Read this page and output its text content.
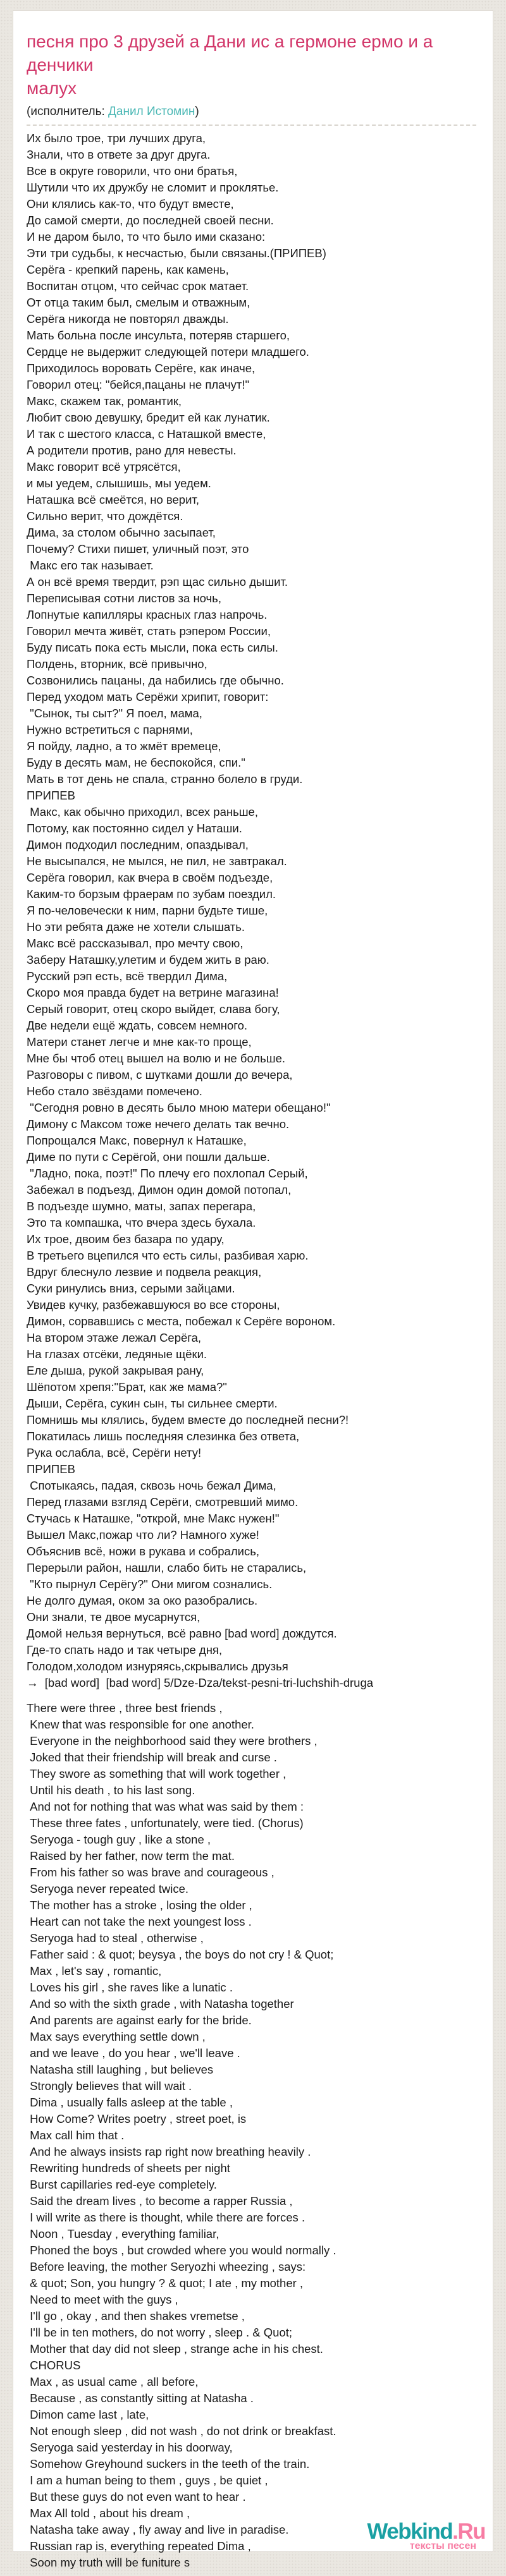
песня про 3 друзей а Дани ис а гермоне ермо и а денчики
малух
(исполнитель: Данил Истомин)
Их было трое, три лучших друга,
Знали, что в ответе за друг друга.
Все в округе говорили, что они братья,
Шутили что их дружбу не сломит и проклятье.
Они клялись как-то, что будут вместе,
До самой смерти, до последней своей песни.
И не даром было, то что было ими сказано:
Эти три судьбы, к несчастью, были связаны.(ПРИПЕВ)
Серёга - крепкий парень, как камень,
Воспитан отцом, что сейчас срок матает.
От отца таким был, смелым и отважным,
Серёга никогда не повторял дважды.
Мать больна после инсульта, потеряв старшего,
Сердце не выдержит следующей потери младшего.
Приходилось воровать Серёге, как иначе,
Говорил отец: "бейся,пацаны не плачут!"
Макс, скажем так, романтик,
Любит свою девушку, бредит ей как лунатик.
И так с шестого класса, с Наташкой вместе,
А родители против, рано для невесты.
Макс говорит всё утрясётся,
и мы уедем, слышишь, мы уедем.
Наташка всё смеётся, но верит,
Сильно верит, что дождётся.
Дима, за столом обычно засыпает,
Почему? Стихи пишет, уличный поэт, это
Макс его так называет.
А он всё время твердит, рэп щас сильно дышит.
Переписывая сотни листов за ночь,
Лопнутые капилляры красных глаз напрочь.
Говорил мечта живёт, стать рэпером России,
Буду писать пока есть мысли, пока есть силы.
Полдень, вторник, всё привычно,
Созвонились пацаны, да набились где обычно.
Перед уходом мать Серёжи хрипит, говорит:
"Сынок, ты сыт?" Я поел, мама,
Нужно встретиться с парнями,
Я пойду, ладно, а то жмёт времеце,
Буду в десять мам, не беспокойся, спи."
Мать в тот день не спала, странно болело в груди.
ПРИПЕВ
Макс, как обычно приходил, всех раньше,
Потому, как постоянно сидел у Наташи.
Димон подходил последним, опаздывал,
Не высыпался, не мылся, не пил, не завтракал.
Серёга говорил, как вчера в своём подъезде,
Каким-то борзым фраерам по зубам поездил.
Я по-человечески к ним, парни будьте тише,
Но эти ребята даже не хотели слышать.
Макс всё рассказывал, про мечту свою,
Заберу Наташку,улетим и будем жить в раю.
Русский рэп есть, всё твердил Дима,
Скоро моя правда будет на ветрине магазина!
Серый говорит, отец скоро выйдет, слава богу,
Две недели ещё ждать, совсем немного.
Матери станет легче и мне как-то проще,
Мне бы чтоб отец вышел на волю и не больше.
Разговоры с пивом, с шутками дошли до вечера,
Небо стало звёздами помечено.
"Сегодня ровно в десять было мною матери обещано!"
Димону с Максом тоже нечего делать так вечно.
Попрощался Макс, повернул к Наташке,
Диме по пути с Серёгой, они пошли дальше.
"Ладно, пока, поэт!" По плечу его похлопал Серый,
Забежал в подъезд, Димон один домой потопал,
В подъезде шумно, маты, запах перегара,
Это та компашка, что вчера здесь бухала.
Их трое, двоим без базара по удару,
В третьего вцепился что есть силы, разбивая харю.
Вдруг блеснуло лезвие и подвела реакция,
Суки ринулись вниз, серыми зайцами.
Увидев кучку, разбежавшуюся во все стороны,
Димон, сорвавшись с места, побежал к Серёге вороном.
На втором этаже лежал Серёга,
На глазах отсёки, ледяные щёки.
Еле дыша, рукой закрывая рану,
Шёпотом хрепя:"Брат, как же мама?"
Дыши, Серёга, сукин сын, ты сильнее смерти.
Помнишь мы клялись, будем вместе до последней песни?!
Покатилась лишь последняя слезинка без ответа,
Рука ослабла, всё, Серёги нету!
ПРИПЕВ
Спотыкаясь, падая, сквозь ночь бежал Дима,
Перед глазами взгляд Серёги, смотревший мимо.
Стучась к Наташке, "открой, мне Макс нужен!"
Вышел Макс,пожар что ли? Намного хуже!
Объяснив всё, ножи в рукава и собрались,
Перерыли район, нашли, слабо бить не старались,
"Кто пырнул Серёгу?" Они мигом сознались.
Не долго думая, оком за око разобрались.
Они знали, те двое мусарнутся,
Домой нельзя вернуться, всё равно [bad word] дождутся.
Где-то спать надо и так четыре дня,
Голодом,холодом изнуряясь,скрывались друзья
→  [bad word]  [bad word] 5/Dze-Dza/tekst-pesni-tri-luchshih-druga
There were three , three best friends ,
Knew that was responsible for one another.
Everyone in the neighborhood said they were brothers ,
Joked that their friendship will break and curse .
They swore as something that will work together ,
Until his death , to his last song.
And not for nothing that was what was said by them :
These three fates , unfortunately, were tied. (Chorus)
Seryoga - tough guy , like a stone ,
Raised by her father, now term the mat.
From his father so was brave and courageous ,
Seryoga never repeated twice.
The mother has a stroke , losing the older ,
Heart can not take the next youngest loss .
Seryoga had to steal , otherwise ,
Father said : & quot; beysya , the boys do not cry ! & Quot;
Max , let's say , romantic,
Loves his girl , she raves like a lunatic .
And so with the sixth grade , with Natasha together
And parents are against early for the bride.
Max says everything settle down ,
and we leave , do you hear , we'll leave .
Natasha still laughing , but believes
Strongly believes that will wait .
Dima , usually falls asleep at the table ,
How Come? Writes poetry , street poet, is
Max call him that .
And he always insists rap right now breathing heavily .
Rewriting hundreds of sheets per night
Burst capillaries red-eye completely.
Said the dream lives , to become a rapper Russia ,
I will write as there is thought, while there are forces .
Noon , Tuesday , everything familiar,
Phoned the boys , but crowded where you would normally .
Before leaving, the mother Seryozhi wheezing , says:
& quot; Son, you hungry ? & quot; I ate , my mother ,
Need to meet with the guys ,
I'll go , okay , and then shakes vremetse ,
I'll be in ten mothers, do not worry , sleep . & Quot;
Mother that day did not sleep , strange ache in his chest.
CHORUS
Max , as usual came , all before,
Because , as constantly sitting at Natasha .
Dimon came last , late,
Not enough sleep , did not wash , do not drink or breakfast.
Seryoga said yesterday in his doorway,
Somehow Greyhound suckers in the teeth of the train.
I am a human being to them , guys , be quiet ,
But these guys do not even want to hear .
Max All told , about his dream ,
Natasha take away , fly away and live in paradise.
Russian rap is, everything repeated Dima ,
Soon my truth will be funiture s
Webkind.Ru
тексты песен
